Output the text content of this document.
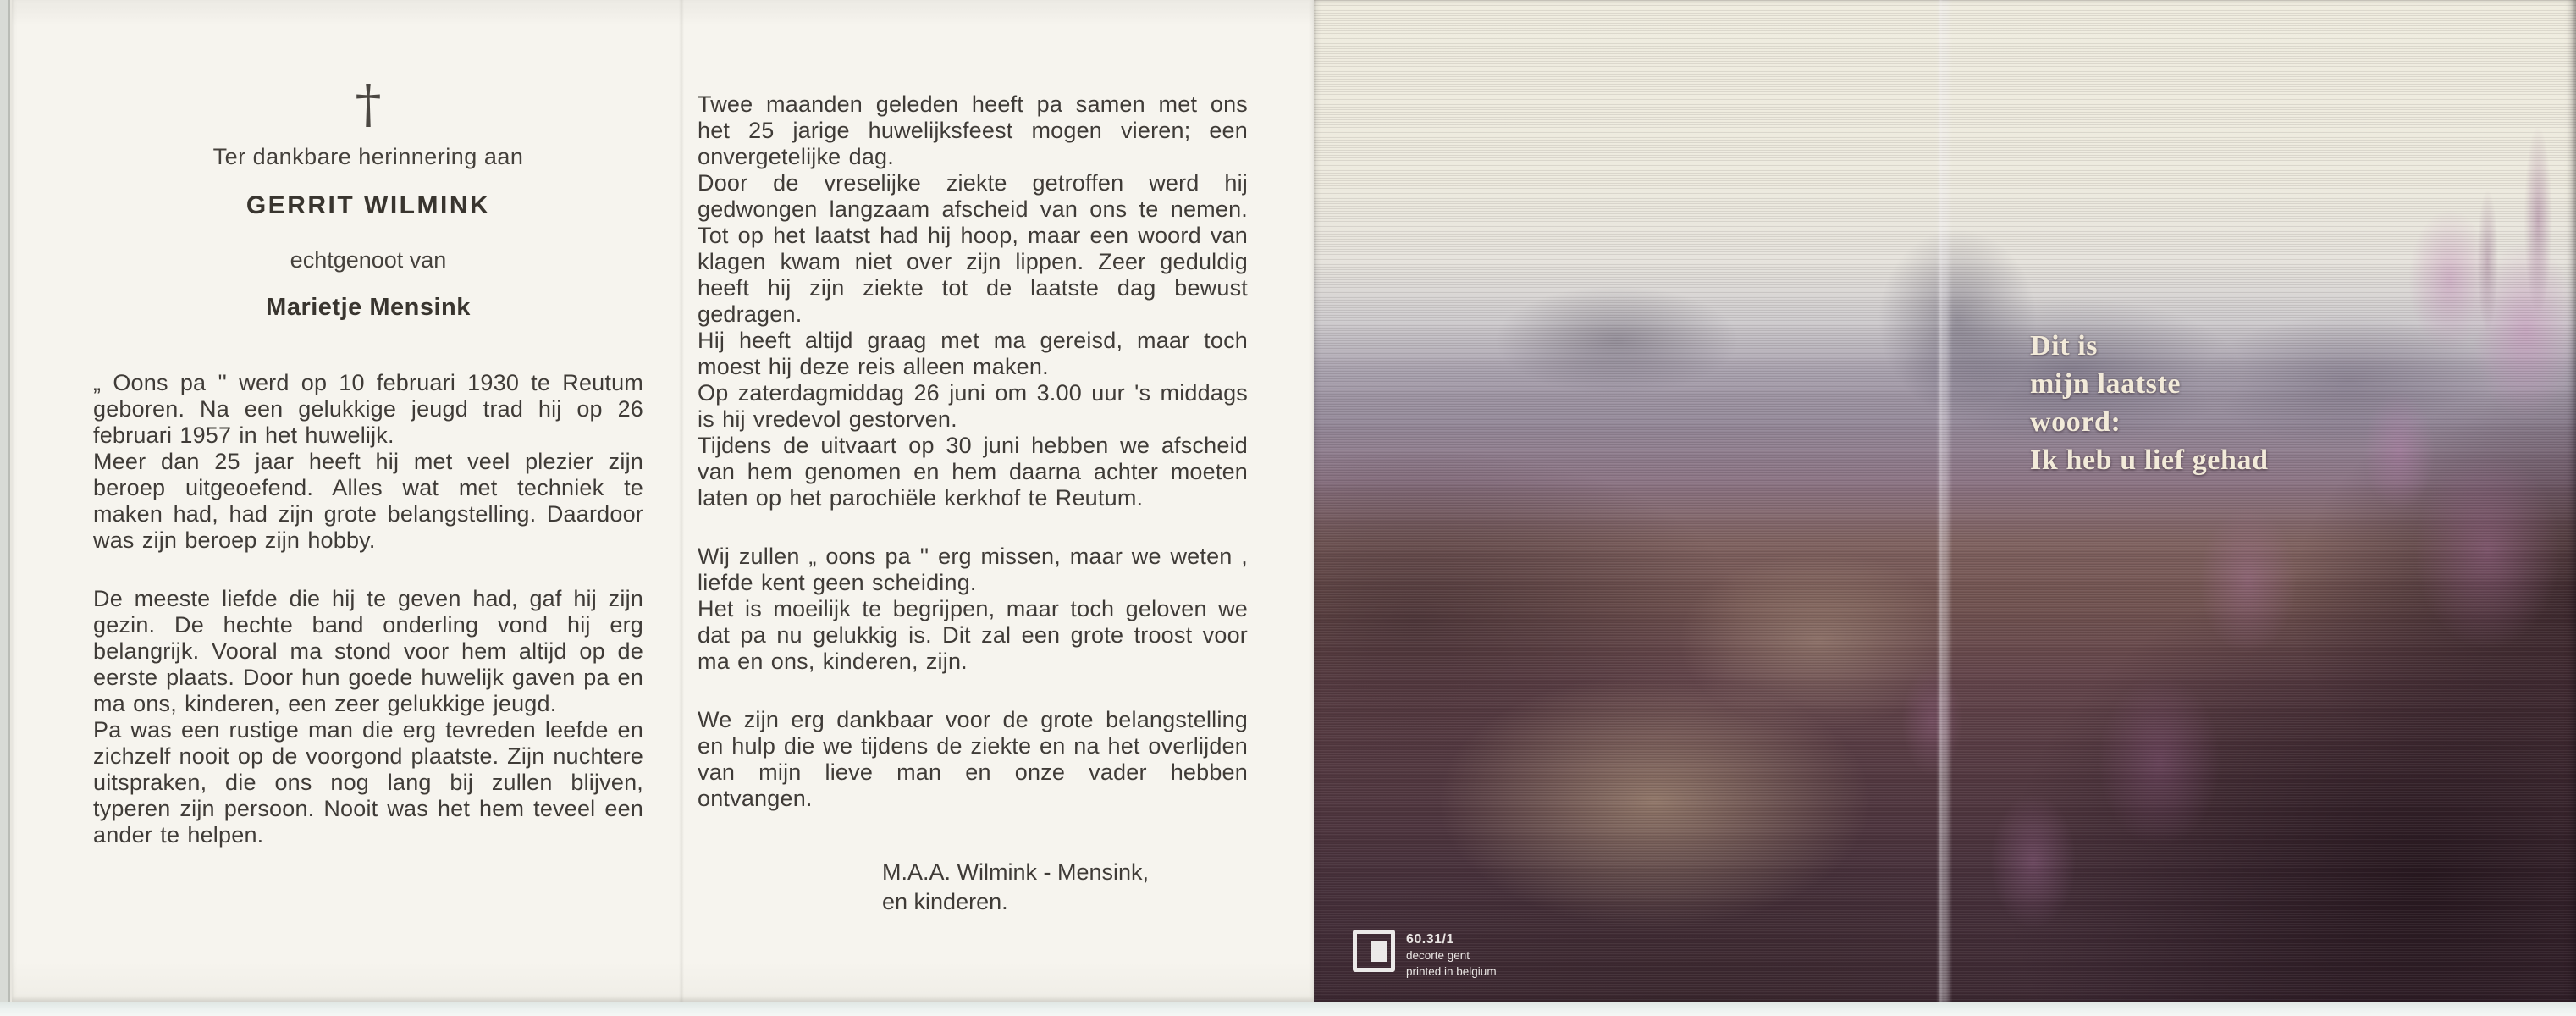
†
Ter dankbare herinnering aan
GERRIT WILMINK
echtgenoot van
Marietje Mensink

„ Oons pa '' werd op 10 februari 1930 te Reutum geboren. Na een gelukkige jeugd trad hij op 26 februari 1957 in het huwelijk.

Meer dan 25 jaar heeft hij met veel plezier zijn beroep uitgeoefend. Alles wat met techniek te maken had, had zijn grote belangstelling. Daardoor was zijn beroep zijn hobby.

De meeste liefde die hij te geven had, gaf hij zijn gezin. De hechte band onderling vond hij erg belangrijk. Vooral ma stond voor hem altijd op de eerste plaats. Door hun goede huwelijk gaven pa en ma ons, kinderen, een zeer gelukkige jeugd.

Pa was een rustige man die erg tevreden leefde en zichzelf nooit op de voorgond plaatste. Zijn nuchtere uitspraken, die ons nog lang bij zullen blijven, typeren zijn persoon. Nooit was het hem teveel een ander te helpen.

Twee maanden geleden heeft pa samen met ons het 25 jarige huwelijksfeest mogen vieren; een onvergetelijke dag.

Door de vreselijke ziekte getroffen werd hij gedwongen langzaam afscheid van ons te nemen. Tot op het laatst had hij hoop, maar een woord van klagen kwam niet over zijn lippen. Zeer geduldig heeft hij zijn ziekte tot de laatste dag bewust gedragen.

Hij heeft altijd graag met ma gereisd, maar toch moest hij deze reis alleen maken.

Op zaterdagmiddag 26 juni om 3.00 uur 's middags is hij vredevol gestorven.

Tijdens de uitvaart op 30 juni hebben we afscheid van hem genomen en hem daarna achter moeten laten op het parochiële kerkhof te Reutum.

Wij zullen „ oons pa '' erg missen, maar we weten , liefde kent geen scheiding.

Het is moeilijk te begrijpen, maar toch geloven we dat pa nu gelukkig is. Dit zal een grote troost voor ma en ons, kinderen, zijn.

We zijn erg dankbaar voor de grote belangstelling en hulp die we tijdens de ziekte en na het overlijden van mijn lieve man en onze vader hebben ontvangen.

M.A.A. Wilmink - Mensink,
en kinderen.
Dit is
mijn laatste
woord:
Ik heb u lief gehad
60.31/1
decorte gent
printed in belgium
